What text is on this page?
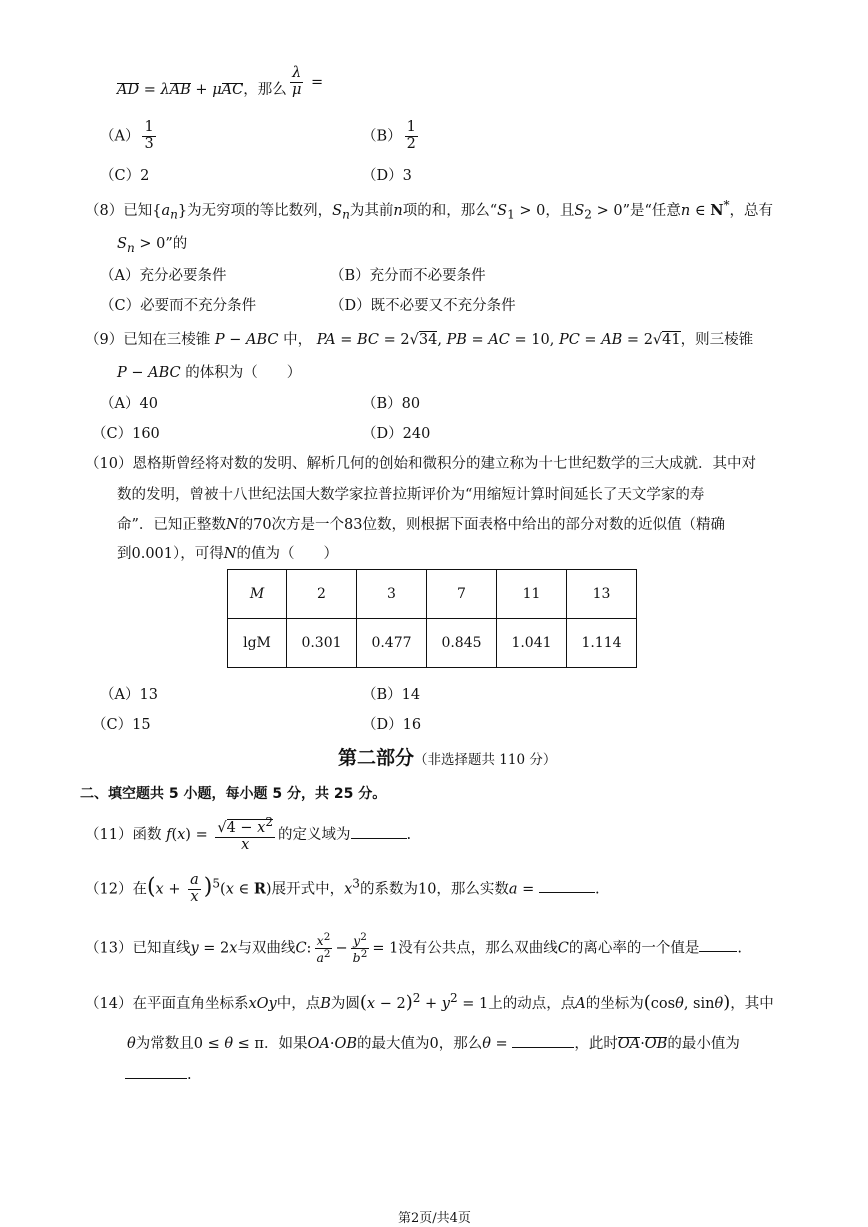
AD = λAB + μAC，那么 $\frac{\lambda}{\mu}$ =
$(A) \frac{1}{3}$	$(B) \frac{1}{2}$
（C）2	（D）3
（8）已知$\{a_n\}$为无穷项的等比数列，$S_n$为其前n项的和，那么“$S_1 > 0$，且$S_2 > 0$”是“任意n ∈ N*，总有
$S_n > 0$”的
（A）充分必要条件	（B）充分而不必要条件
（C）必要而不充分条件	（D）既不必要又不充分条件
（9）已知在三棱锥 P − ABC 中， PA = BC = 2√34, PB = AC = 10, PC = AB = 2√41，则三棱锥
P − ABC 的体积为（　　）
（A）40	（B）80
（C）160	（D）240
（10）恩格斯曾经将对数的发明、解析几何的创始和微积分的建立称为十七世纪数学的三大成就．其中对
数的发明，曾被十八世纪法国大数学家拉普拉斯评价为“用缩短计算时间延长了天文学家的寿
命”．已知正整数N的70次方是一个83位数，则根据下面表格中给出的部分对数的近似值（精确
到0.001），可得N的值为（　　）
M	2	3	7	11	13
lgM	0.301	0.477	0.845	1.041	1.114
（A）13	（B）14
（C）15	（D）16
第二部分（非选择题共 110 分）
二、填空题共 5 小题，每小题 5 分，共 25 分。
（11）函数 $f(x) = \frac{√4 - x^2}{x}$ 的定义域为	.
（12）在$(x + \frac{a}{x} )^5(x$ ∈ R)展开式中，$x^3$的系数为10，那么实数a =	.
（13）已知直线y = 2x与双曲线C: $\frac{x^2}{a^2} - \frac{y^2}{b^2} = 1$没有公共点，那么双曲线C的离心率的一个值是	.
（14）在平面直角坐标系xOy中，点B为圆$(x - 2)^2 + y^2 = 1$上的动点，点A的坐标为(cosθ, sinθ)，其中
θ为常数且0 ≤ θ ≤ π．如果OA·OB的最大值为0，那么θ =	，此时OA·OB的最小值为
.
第2页/共4页
